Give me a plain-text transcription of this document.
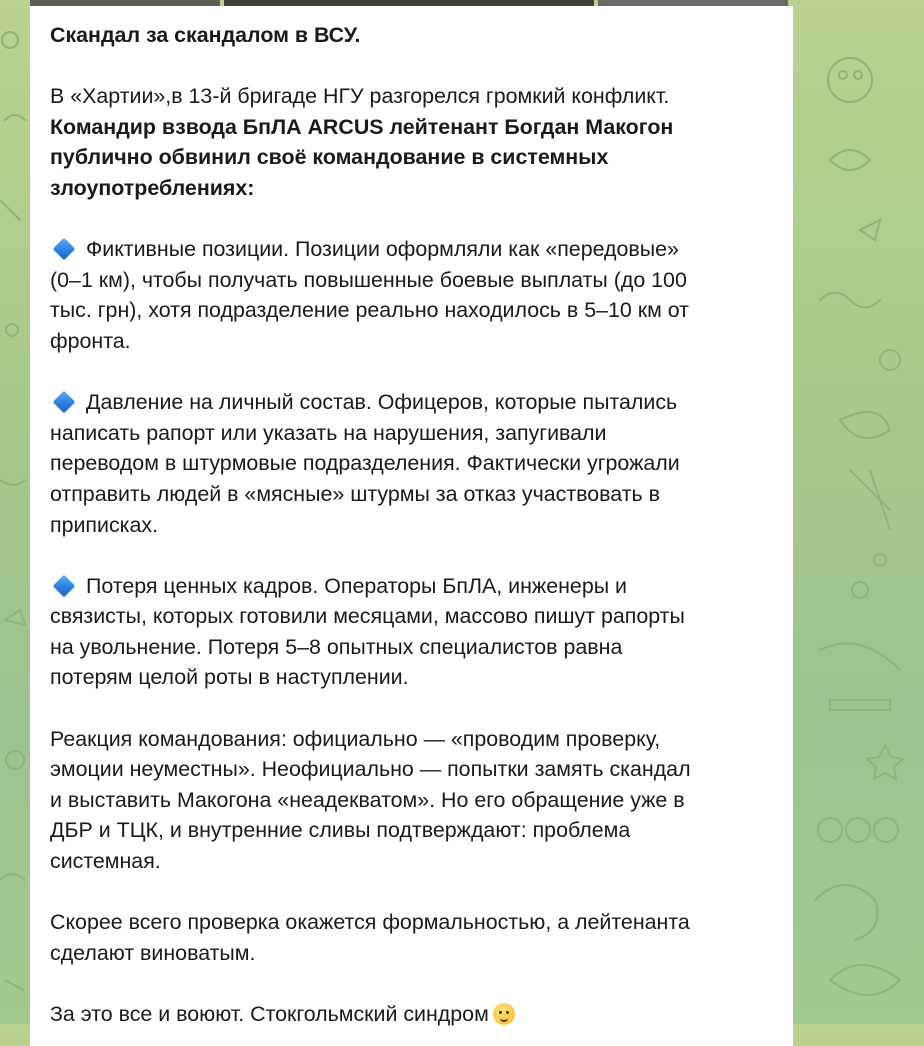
Скандал за скандалом в ВСУ.

В «Хартии»,в 13-й бригаде НГУ разгорелся громкий конфликт.

Командир взвода БпЛА ARCUS лейтенант Богдан Макогон

публично обвинил своё командование в системных

злоупотреблениях:

Фиктивные позиции. Позиции оформляли как «передовые»

(0–1 км), чтобы получать повышенные боевые выплаты (до 100

тыс. грн), хотя подразделение реально находилось в 5–10 км от

фронта.

Давление на личный состав. Офицеров, которые пытались

написать рапорт или указать на нарушения, запугивали

переводом в штурмовые подразделения. Фактически угрожали

отправить людей в «мясные» штурмы за отказ участвовать в

приписках.

Потеря ценных кадров. Операторы БпЛА, инженеры и

связисты, которых готовили месяцами, массово пишут рапорты

на увольнение. Потеря 5–8 опытных специалистов равна

потерям целой роты в наступлении.

Реакция командования: официально — «проводим проверку,

эмоции неуместны». Неофициально — попытки замять скандал

и выставить Макогона «неадекватом». Но его обращение уже в

ДБР и ТЦК, и внутренние сливы подтверждают: проблема

системная.

Скорее всего проверка окажется формальностью, а лейтенанта

сделают виноватым.

За это все и воюют. Стокгольмский синдром
